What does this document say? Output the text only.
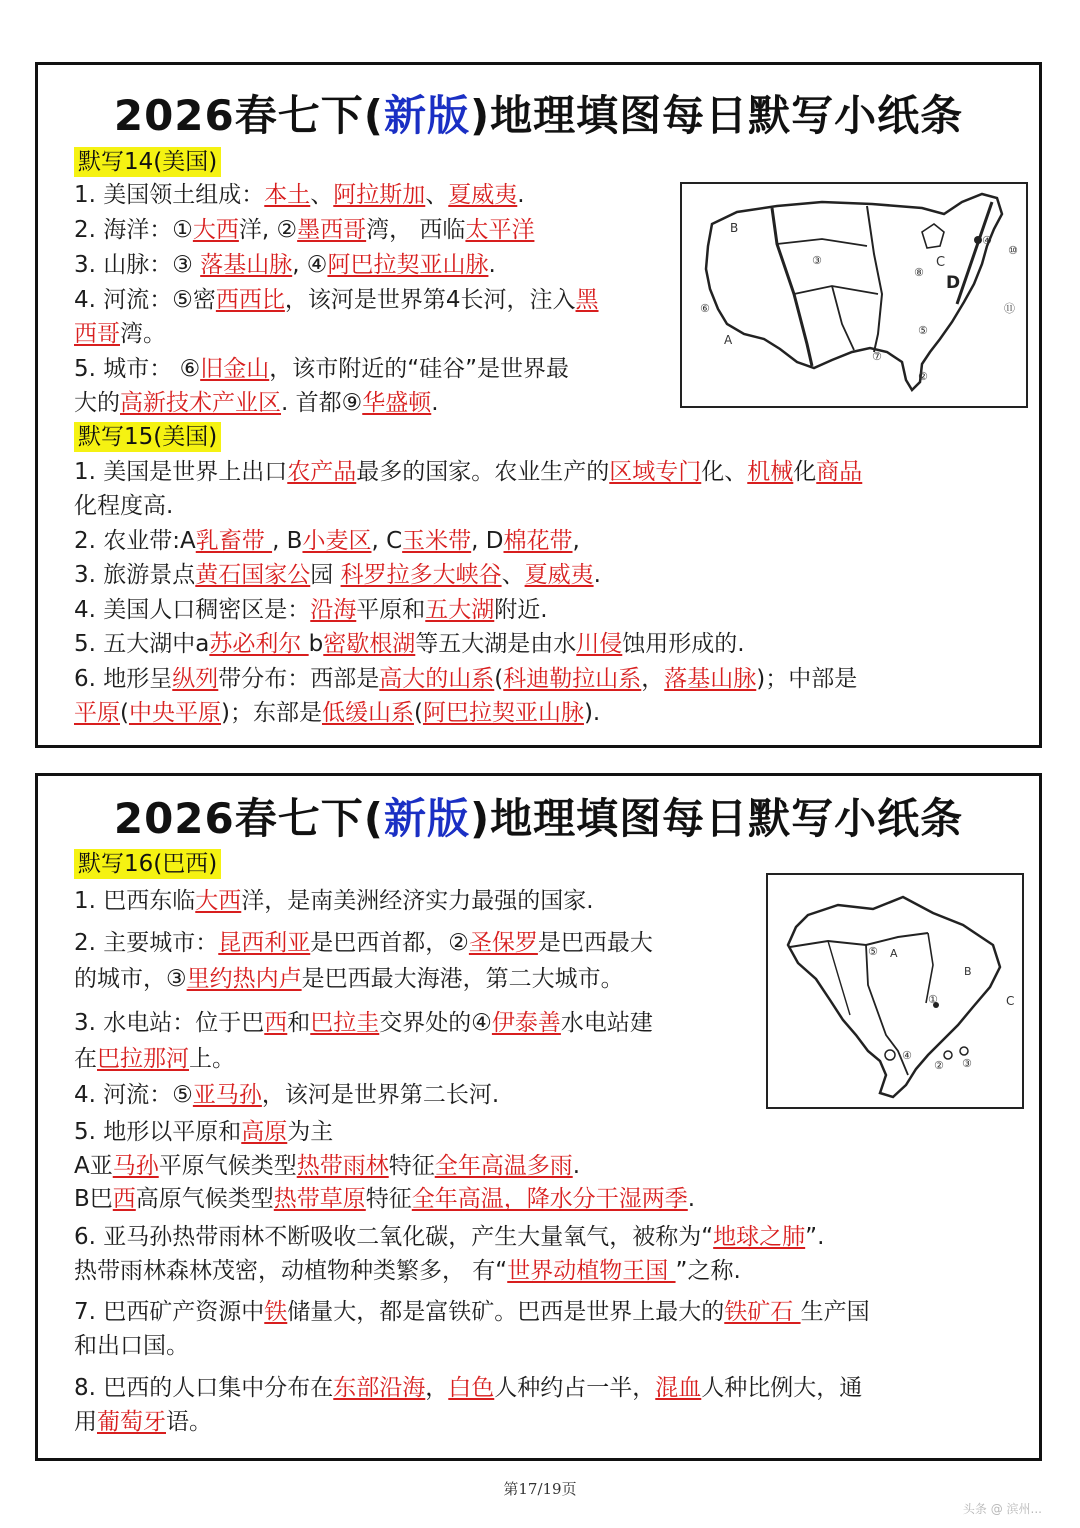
2026春七下(新版)地理填图每日默写小纸条
默写14(美国)
1. 美国领土组成：本土、阿拉斯加、夏威夷.
2. 海洋：①大西洋, ②墨西哥湾， 西临太平洋
3. 山脉：③ 落基山脉, ④阿巴拉契亚山脉.
4. 河流：⑤密西西比，该河是世界第4长河，注入黑
西哥湾。
5. 城市： ⑥旧金山，该市附近的“硅谷”是世界最
大的高新技术产业区. 首都⑨华盛顿.
默写15(美国)
1. 美国是世界上出口农产品最多的国家。农业生产的区域专门化、机械化商品
化程度高.
2. 农业带:A乳畜带 , B小麦区, C玉米带, D棉花带,
3. 旅游景点黄石国家公园 科罗拉多大峡谷、夏威夷.
4. 美国人口稠密区是：沿海平原和五大湖附近.
5. 五大湖中a苏必利尔 b密歇根湖等五大湖是由水川侵蚀用形成的.
6. 地形呈纵列带分布：西部是高大的山系(科迪勒拉山系，落基山脉)；中部是
平原(中央平原)；东部是低缓山系(阿巴拉契亚山脉).
B
A
C
D
③
⑤
⑥
⑦
②
④
⑧
⑩
⑪
2026春七下(新版)地理填图每日默写小纸条
默写16(巴西)
1. 巴西东临大西洋，是南美洲经济实力最强的国家.
2. 主要城市：昆西利亚是巴西首都，②圣保罗是巴西最大
的城市，③里约热内卢是巴西最大海港，第二大城市。
3. 水电站：位于巴西和巴拉圭交界处的④伊泰善水电站建
在巴拉那河上。
4. 河流：⑤亚马孙，该河是世界第二长河.
5. 地形以平原和高原为主
A亚马孙平原气候类型热带雨林特征全年高温多雨.
B巴西高原气候类型热带草原特征全年高温，降水分干湿两季.
6. 亚马孙热带雨林不断吸收二氧化碳，产生大量氧气，被称为“地球之肺”.
热带雨林森林茂密，动植物种类繁多， 有“世界动植物王国 ”之称.
7. 巴西矿产资源中铁储量大，都是富铁矿。巴西是世界上最大的铁矿石 生产国
和出口国。
8. 巴西的人口集中分布在东部沿海，白色人种约占一半，混血人种比例大，通
用葡萄牙语。
A
B
C
⑤
①
② ③
④
第17/19页
头条 @ 滨州...
